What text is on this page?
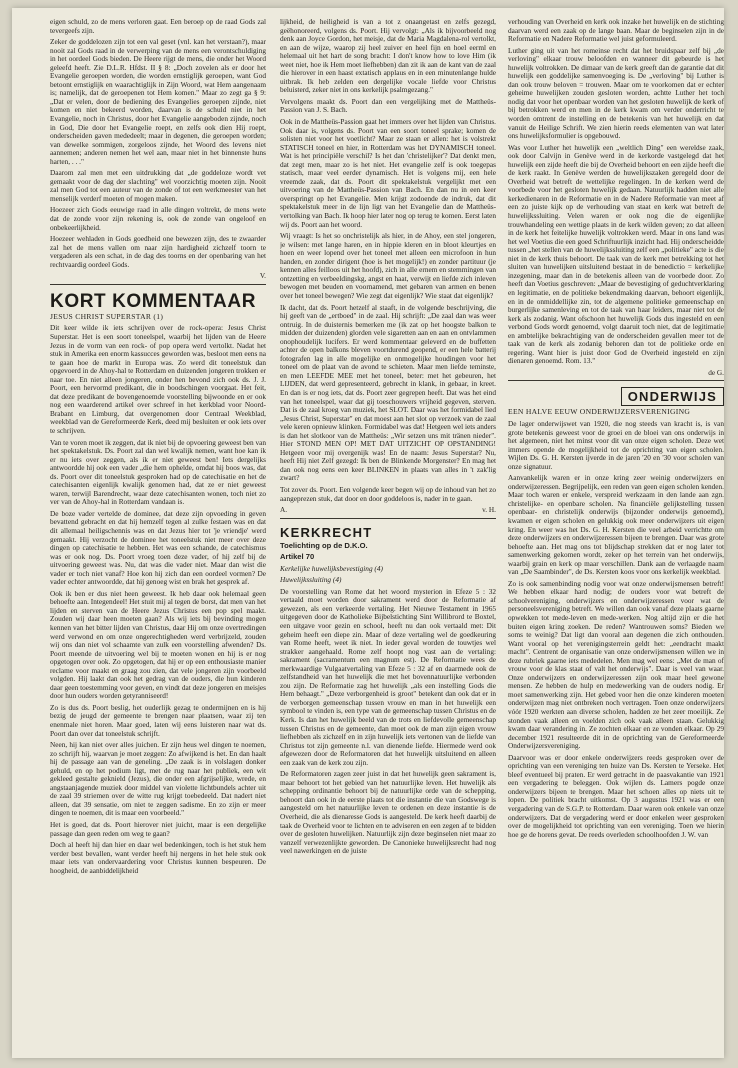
eigen schuld, zo de mens verloren gaat. Een beroep op de raad Gods zal tevergeefs zijn.

Zeker de goddelozen zijn tot een val geset (vnl. kan het verstaan?), maar nooit zal Gods raad in de verwerping van de mens een verontschuldiging in het oordeel Gods bieden. De Heere rijgt de mens, die onder het Woord geleefd heeft. Zie D.L.R. Hfdst. II § 8: „Doch zovelen als er door het Evangelie geroepen worden, die worden ernstiglijk geroepen, want God betoont ernstiglijk en waarachtiglijk in Zijn Woord, wat Hem aangenaam is; namelijk, dat de geroepenen tot Hem komen." Maar zo zegt ga § 9: „Dat er velen, door de bediening des Evangelies geroepen zijnde, niet komen en niet bekeerd worden, daarvan is de schuld niet in het Evangelie, noch in Christus, door het Evangelie aangeboden zijnde, noch in God, Die door het Evangelie roept, en zelfs ook dien Hij roept, onderscheiden gaven mededeelt; maar in degenen, die geroepen worden; van dewelke sommigen, zorgeloos zijnde, het Woord des levens niet aannemen; anderen nemen het wel aan, maar niet in het binnenste huns harten, . . ."

Daarom zal men met een uitdrukking dat „de goddeloze wordt vet gemaakt voor de dag der slachting" wel voorzichtig moeten zijn. Nooit zal men God tot een auteur van de zonde of tot een werkmeester van het menselijk verderf moeten of mogen maken.

Hoezeer zich Gods eeuwige raad in alle dingen voltrekt, de mens wete dat de zonde voor zijn rekening is, ook de zonde van ongeloof en onbekeerlijkheid.

Hoezeer wehladen in Gods goedheid one bewezen zijn, des te zwaarder zal het de mens vallen om naar zijn hardigheid zichzelf toorn te vergaderen als een schat, in de dag des toorns en der openbaring van het rechtvaardig oordeel Gods.

V.

KORT KOMMENTAAR

JESUS CHRIST SUPERSTAR (1)

Dit keer wilde ik iets schrijven over de rock-opera: Jesus Christ Superstar. Het is een soort toneelspel, waarbij het lijden van de Heere Jezus in de vorm van een rock- of pop opera werd vertolkt. Nadat het stuk in Amerika een enorm kassucces geworden was, besloot men eens na te gaan hoe de markt in Europa was. Zo werd dit toneelstuk dan opgevoerd in de Ahoy-hal te Rotterdam en duizenden jongeren trokken er naar toe. En niet alleen jongeren, onder hen bevond zich ook ds. J. J. Poort, een hervormd predikant, die in boodschingen voorgaat. Het feit, dat deze predikant de bovengenoemde voorstelling bijwoonde en er ook nog een waarderend artikel over schreef in het kerkblad voor Noord-Brabant en Limburg, dat overgenomen door Centraal Weekblad, weekblad van de Gereformeerde Kerk, deed mij besluiten er ook iets over te schrijven.

Van te voren moet ik zeggen, dat ik niet bij de opvoering geweest ben van het spektakelstuk. Ds. Poort zal dan wel kwalijk nemen, want hoe kan ik er nu iets over zeggen, als ik er niet geweest ben! Iets dergelijks antwoordde hij ook een vader „die hem ophelde, omdat hij boos was, dat ds. Poort over dit toneelstuk gesproken had op de catechisatie en het de catechisanten eigenlijk kwalijk genomen had, dat ze er niet geweest waren, terwijl Barendrecht, waar deze catechisanten wonen, toch niet zo ver van de Ahoy-hal in Rotterdam vandaan is.

De boze vader vertelde de dominee, dat deze zijn opvoeding in geven bevattend gebracht en dat hij hemzelf tegen al zulke festaen was en dat dit allemaal heiligschennis was en dat Jezus hier tot 'je vriendje' werd gemaakt. Hij verzocht de dominee het toneelstuk niet meer over deze dingen op catechisatie te hebben. Het was een schande, de catechismus was er ook nog. Ds. Poort vroeg toen deze vader, of hij zelf bij de uitvoering geweest was. Nu, dat was die vader niet. Maar dan wist die vader er toch niet vanaf? Hoe kon hij zich dan een oordeel vormen? De vader echter antwoordde, dat hij genoeg wist en brak het gesprek af.

Ook ik ben er dus niet heen geweest. Ik heb daar ook helemaal geen behoefte aan. Integendeel! Het stuit mij al tegen de borst, dat men van het lijden en sterven van de Heere Jezus Christus een pop spel maakt. Zouden wij daar heen moeten gaan? Als wij iets bij bevinding mogen kennen van het bitter lijden van Christus, daar Hij om onze overtredingen werd verwond en om onze ongerechtigheden werd verbrijzeld, zouden wij ons dan niet vol schaamte van zulk een voorstelling afwenden? Ds. Poort meende de uitvoering wel bij te moeten wonen en hij is er nog opgetogen over ook. Zo opgetogen, dat hij er op een enthousiaste manier reclame voor maakt en graag zou zien, dat vele jongeren zijn voorbeeld volgden. Hij laakt dan ook het gedrag van de ouders, die hun kinderen daar geen toestemming voor geven, en vindt dat deze jongeren en meisjes door hun ouders worden getyranniseerd!

Zo is dus ds. Poort beslig, het ouderlijk gezag te ondermijnen en is hij bezig de jeugd der gemeente te brengen naar plaatsen, waar zij ten enenmale niet horen. Maar goed, laten wij eens luisteren naar wat ds. Poort dan over dat toneelstuk schrijft.

Neen, hij kan niet over alles juichen. Er zijn heus wel dingen te noemen, zo schrijft hij, waarvan je moet zeggen: Zo afwijkend is het. En dan haalt hij de passage aan van de geneling. „De zaak is in volslagen donker gehuld, en op het podium ligt, met de rug naar het publiek, een wit gekleed gestalte geknield (Jezus), die onder een afgrijselijke, wrede, en angstaanjagende muziek door middel van violette lichtbundels achter uit de zaal 39 striemen over de witte rug krijgt toebedeeld. Dat nadert niet alleen, dat 39 sensatie, om niet te zeggen sadisme. En zo zijn er meer dingen te noemen, dit is maar een voorbeeld."

Het is goed, dat ds. Poort hierover niet juicht, maar is een dergelijke passage dan geen reden om weg te gaan?

Doch al heeft hij dan hier en daar wel bedenkingen, toch is het stuk hem verder best bevallen, want verder heeft hij nergens in het hele stuk ook maar iets van ondervaardering voor Christus kunnen bespeuren. De hoogheid, de aanbiddelijkheid

lijkheid, de heiligheid is van a tot z onaangetast en zelfs gezegd, geëhonoreerd, volgens ds. Poort. Hij vervolgt: „Als ik bijvoorbeeld nog denk aan Joyce Gordon, het meisje, dat de Maria Magdalena-rol vertolkt, en aan de wijze, waarop zij heel zuiver en heel fijn en hoel eerml en helemaal uit het hart de song bracht: I don't know how to love Him (ik weet niet, hoe ik Hem moet liefhebben) dan zit ik aan de kant van de zaal die hierover in een haast extatisch applaus en in een minutenlange hulde uitbrak. Ik heb zelden een dergelijke vocale liefde voor Christus beluisterd, zeker niet in ons kerkelijk psalmgezang."

Vervolgens maakt ds. Poort dan een vergelijking met de Mattheüs-Passion van J. S. Bach.

Ook in de Mattheüs-Passion gaat het immers over het lijden van Christus. Ook daar is, volgens ds. Poort van een soort toneel sprake; komen de solisten niet voor het voetlicht? Maar ze staan er allen: het is volstrekt STATISCH toneel en hier, in Rotterdam was het DYNAMISCH toneel. Wat is het principiële verschil? Is het dan 'christelijker'? Dat denkt men, dat zegt men, maar zo is het niet. Het evangelie zelf is ook toegepas statisch, maar veel eerder dynamisch. Het is volgens mij, een hele vreemde zaak, dat ds. Poort dit spektakelstuk vergelijkt met een uitvoering van de Mattheüs-Passion van Bach. En dan nu in een keer overspringt op het Evangelie. Men krijgt zodoende de indruk, dat dit spektakelstuk meer in de lijn ligt van het Evangelie dan de Mattheüs-vertolking van Bach. Ik hoop hier later nog op terug te komen. Eerst laten wij ds. Poort aan het woord.

Wij vraagt: Is het so onchristelijk als hier, in de Ahoy, een stel jongeren, je wilsen: met lange haren, en in hippie kleren en in bloot kleurtjes en hoen en weer lopend over het toneel met alleen een microfoon in hun handen, en zonder dirigent (hoe is het mogelijk!) en zonder partituur (je kennen alles feilloos uit het hoofd), zich in alle ernem en stemmingen van ontzetting en verbeeldingskg, angst en haat, verwijt en liefde zich inleven bewogen met beuden en voornamend, met gebaren van armen en benen over het toneel bewegen? Wie zegt dat eigenlijk? Wie staat dat eigenlijk?

Ik dacht, dat ds. Poort hetzelf al staaft, in de volgende beschrijving, die hij geeft van de „ertboed" in de zaal. Hij schrijft: „De zaal dan was weer ontruig. In de duisternis bemerken me (ik zat op het hoogste balkon te midden der duizenden) glorden vele sigaretten aan en aan en ontvlammen onophoudelijk lucifers. Er werd kommentaar geleverd en de buffetten achter de open balkons bleven voortdurend geopend, er een hele batterij fotografen lag in alle mogelijke en onmogelijke houdingen voor het toneel om de plaat van de avond te schieten. Maar men liefde teminste, en men LEEFDE MEE met het toneel, beter: met het gebeuren, het LIJDEN, dat werd gepresenteerd, gebrecht in klank, in gebaar, in kreet. En dan is er nog iets, dat ds. Poort zeer gegrepen heeft. Dat was het eind van het toneelspel, waar dat gij toeschouwers vrijheid gegeven, sterven. Dat is de zaal kroeg van muziek, het SLOT. Daar was het formidabel lied „Jesus Christ, Superstar" en dat moest aan het slot op verzoek van de zaal vele keren opnieuw klinken. Formidabel was dat! Hetgeen wel iets anders is dan het slotkoor van de Mattheüs: „Wir setzen uns mit tränen nieder". Hier STOND MEN OP! MET DAT UITZICHT OP OPSTANDING! Hetgeen voor mij overgenijk was! En de naam: Jesus Superstar? Nu, heeft Hij niet Zelf gezegd: Ik ben de Blinkende Morgenster? En mag het dan ook nog eens een keer BLINKEN in plaats van alles in 't zak'lig zwart?

Tot zover ds. Poort. Een volgende keer begen wij op de inhoud van het zo aangeprezen stuk, dat door en door goddeloos is, nader in te gaan.

A.	v. H.
KERKRECHT

Toelichting op de D.K.O.

Artikel 70

Kerkelijke huwelijksbevestiging (4)

Huwelijkssluiting (4)

De voorstelling van Rome dat het woord mysterion in Efeze 5 : 32 vertaald moet worden door sakrament werd door de Reformatie af gewezen, als een verkeerde vertaling. Het Nieuwe Testament in 1965 uitgegeven door de Katholieke Bijbelstichting Sint Willibrord te Boxtel, een uitgave voor gezin en school, heeft nu dan ook vertaald met: Dit geheim heeft een diepe zin. Maar of deze vertaling wel de goedkeuring van Rome heeft, weet ik niet. In ieder geval worden de touwtjes wel strakker aangehaald. Rome zelf hoopt nog vast aan de vertaling: sakrament (sacramentum een magnum est). De Reformatie wees de merkwaardige Vulgaatvertaling van Efeze 5 : 32 af en daarmede ook de zelfstandheid van het huwelijk die met het bovennatuurlijke verbonden zou zijn. De Reformatie zag het huwelijk „als een instelling Gods die Hem behaagt." „Deze verborgenheid is groot" betekent dan ook dat er in de verborgen gemeenschap tussen vrouw en man in het huwelijk een symbool te vinden is, een type van de gemeenschap tussen Christus en de Kerk. Is dan het huwelijk beeld van de trots en liefdevolle gemeenschap tussen Christus en de gemeente, dan moet ook de man zijn eigen vrouw liefhebben als zichzelf en in zijn huwelijk iets vertonen van de liefde van Christus tot zijn gemeente n.l. van dienende liefde. Hiermede werd ook afgewezen door de Reformatoren dat het huwelijk uitsluitend en alleen een zaak van de kerk zou zijn.

De Reformatoren zagen zeer juist in dat het huwelijk geen sakrament is, maar behoort tot het gebied van het natuurlijke leven. Het huwelijk als schepping ordinantie behoort bij de natuurlijke orde van de schepping, behoort dan ook in de eerste plaats tot die instantie die van Godswege is aangesteld om het natuurlijke leven te ordenen en deze instantie is de Overheid, die als dienaresse Gods is aangesteld. De kerk heeft daarbij de taak de Overheid voor te lichten en te adviseren en een zegen af te bidden over de gesloten huwelijken. Natuurlijk zijn deze beginselen niet maar zo vanzelf verwezenlijkte geworden. De Canonieke huwelijksrecht had nog veel nawerkingen en de juiste

verhouding van Overheid en kerk ook inzake het huwelijk en de stichting daarvan werd een zaak op de lange baan. Maar de beginselen zijn in de Reformatie en Nadere Reformatie wel juist geformuleerd.

Luther ging uit van het romeinse recht dat het bruidspaar zelf bij „de verloving" elkaar trouw beloofden en wanneer dit gebeurde is het huwelijk voltrokken. De dimaar van de kerk greeft dan de garantie dat dit huwelijk een goddelijke samenvoeging is. De „verloving" bij Luther is dan ook trouw beloven = trouwen. Maar om te voorkomen dat er echter geheime huwelijken zouden gesloten worden, achtte Luther het toch nodig dat voor het openbaar worden van het gesloten huwelijk de kerk of bij betrokken werd en men in de kerk kwam om verder onderricht te worden omtrent de instelling en de betekenis van het huwelijk en dat vanuit de Heilige Schrift. We zien hierin reeds elementen van wat later ons huwelijksformulier is opgebouwd.

Was voor Luther het huwelijk een „weltlich Ding" een wereldse zaak, ook door Calvijn in Genève werd in de kerkorde vastgelegd dat het huwelijk een zijde heeft die bij de Overheid behoort en een zijde heeft die de kerk raakt. In Genève werden de huwelijkszaken geregeld door de Overheid wat betreft de wettelijke regelingen. In de kerken werd de voorbede voor het gesloten huwelijk gedaan. Natuurlijk hadden niet alle kerkedienaren in de Reformatie en in de Nadere Reformatie van meet af een zo juiste kijk op de verhouding van staat en kerk wat betreft de huwelijkssluiting. Velen waren er ook nog die de eigenlijke trouwhandeling een wettige plaats in de kerk wilden geven; zo dat alleen in de kerk het feitelijke huwelijk voltrokken werd. Maar in ons land was het wel Voetius die een goed Schriftuurlijk inzicht had. Hij onderscheidde tussen „het stellen van de huwelijkssluiting zelf een „politieke" acte is die niet in de kerk thuis behoort. De taak van de kerk met betrekking tot het sluiten van huwelijken uitsluitend bestaat in de benedictio = kerkelijke inzegening, maar dan in de betekenis alleen van de voorbede door. Zo heeft dan Voetius geschreven: „Maar de bevestiging of geduchtverklaring en legitimatie, en de politieke bekendmaking daarvan, behoort eigenlijk, en in de onmiddellijke zin, tot de algemene politieke gemeenschap en burgerlijke samenleving en tot de taak van haar leiders, maar niet tot de kerk als zodanig. Want ofschoon het huwelijk Gods dus ingesteld en een verbond Gods wordt genoemd, volgt daaruit toch niet, dat de legitimatie en ambtelijke bekrachtiging van de onderscheiden gevallen meer tot de taak van de kerk als zodanig behoren dan tot de politieke orde en regering. Want hier is juist door God de Overheid ingesteld en zijn dienaren genoemd. Rom. 13."

de G.

ONDERWIJS

EEN HALVE EEUW ONDERWIJZERSVERENIGING

De lager onderwijswet van 1920, die nog steeds van kracht is, is van grote betekenis geweest voor de groei en de bloei van ons onderwijs in het algemeen, niet het minst voor dit van onze eigen scholen. Deze wet immers opende de mogelijkheid tot de oprichting van eigen scholen. Wijlen Ds. G. H. Kersten ijverde in de jaren '20 en '30 voor scholen van onze signatuur.

Aanvankelijk waren er in onze kring zeer weinig onderwijzers en onderwijzeressen. Begrijpelijk, een reden van geen eigen scholen kenden. Maar toch waren er enkele, verspreid werkzaam in den lande aan zgn. christelijke- en openbare scholen. Na financiële gelijkstelling tussen openbaar- en christelijk onderwijs (bijzonder onderwijs genoemd), kwamen er eigen scholen en gelukkig ook meer onderwijzers uit eigen kring. En weer was het Ds. G. H. Kersten die veel arbeid verrichtte om deze onderwijzers en onderwijzeressen bijeen te brengen. Daar was grote behoefte aan. Het mag ons tot blijdschap strekken dat er nog later tot samenwerking gekomen wordt, zeker op het terrein van het onderwijs, waarbij grain en kerk op maar verschillen. Dank aan de verlaagde naam van „De Saambinder", de Ds. Kersten koos voor ons kerkelijk weekblad.

Zo is ook samenbinding nodig voor wat onze onderwijsmensen betreft! We hebben elkaar hard nodig; de ouders voor wat betreft de schoolvereniging, onderwijzers en onderwijzeressen voor wat de personeelsvereniging betreft. We willen dan ook vanaf deze plaats gaarne opwekken tot mede-leven en mede-werken. Nog altijd zijn er die het buiten eigen kring zoeken. De reden? Wantrouwen soms? Bieden we soms te weinig? Dat ligt dan vooral aan degenen die zich onthouden. Want vooral op het verenigingsterrein geldt het: „eendracht maakt macht". Centrent de organisatie van onze onderwijsmensen willen we in deze rubriek gaarne iets mededelen. Men mag wel eens: „Met de man of vrouw voor de klas staat of valt het onderwijs". Daar is veel van waar. Onze onderwijzers en onderwijzeressen zijn ook maar heel gewone mensen. Ze hebben de hulp en medewerking van de ouders nodig. Er moet samenwerking zijn. Het gebed voor hen die onze kinderen moeten onderwijzen mag niet ontbreken noch vertragen. Toen onze onderwijzers vóór 1920 werkten aan diverse scholen, hadden ze het zeer moeilijk. Ze stonden vaak alleen en voelden zich ook vaak alleen staan. Gelukkig kwam daar verandering in. Ze zochten elkaar en ze vonden elkaar. Op 29 december 1921 resulteerde dit in de oprichting van de Gereformeerde Onderwijzersvereniging.

Daarvoor was er door enkele onderwijzers reeds gesproken over de oprichting van een vereniging ten huize van Ds. Kersten te Yerseke. Het bleef eventueel bij praten. Er werd getracht in de paasvakantie van 1921 een vergadering te beleggen. Ook wijlen ds. Lamers pogde onze onderwijzers bijeen te brengen. Maar het schoen alles op niets uit te lopen. De politiek bracht uitkomst. Op 3 augustus 1921 was er een vergadering van de S.G.P. te Rotterdam. Daar waren ook enkele van onze onderwijzers. Dat de vergadering werd er door enkelen weer gesproken over de mogelijkheid tot oprichting van een vereniging. Toen we hierin hoe ge de horens gevat. De reeds overleden schoolhoofden J. W. van
